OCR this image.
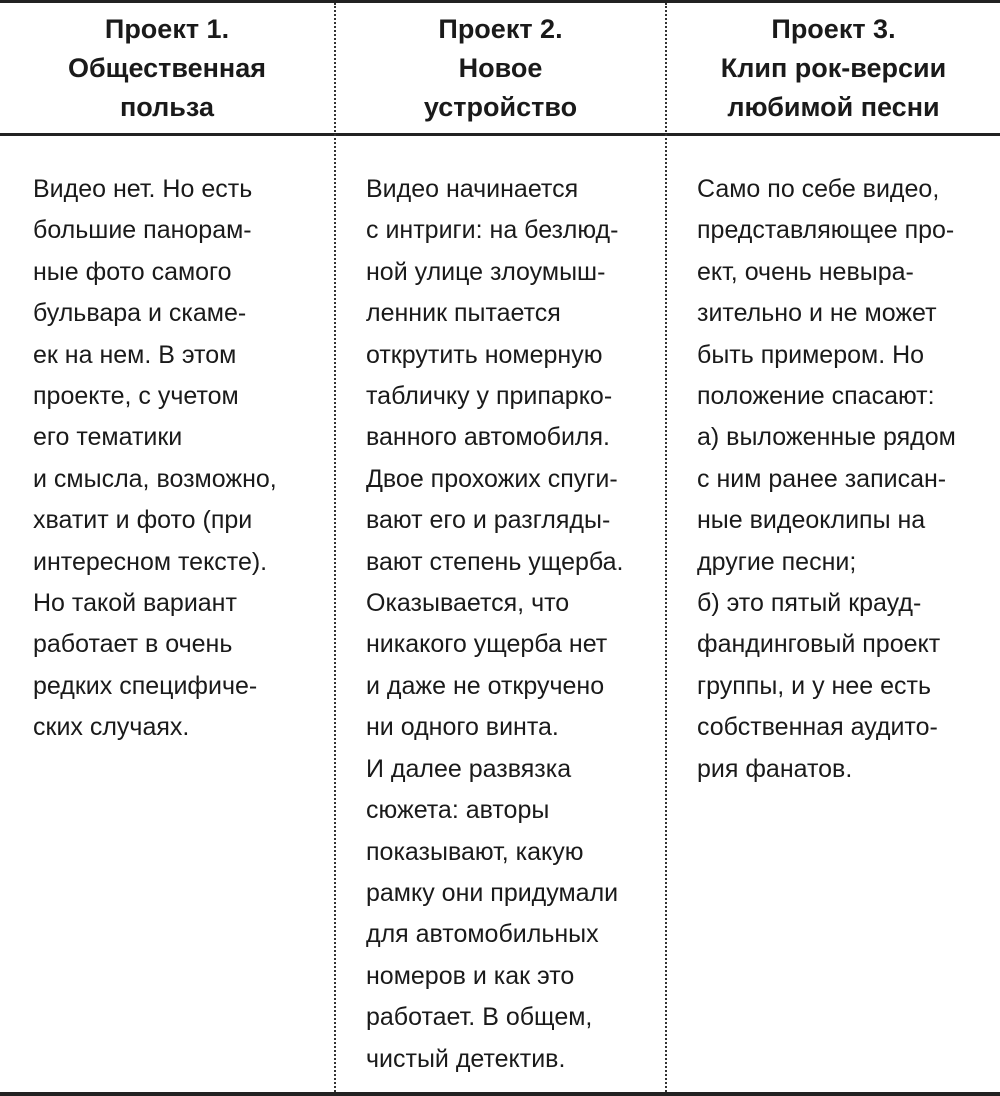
Проект 1.
Общественная
польза
Проект 2.
Новое
устройство
Проект 3.
Клип рок-версии
любимой песни
Видео нет. Но есть
большие панорам-
ные фото самого
бульвара и скаме-
ек на нем. В этом
проекте, с учетом
его тематики
и смысла, возможно,
хватит и фото (при
интересном тексте).
Но такой вариант
работает в очень
редких специфиче-
ских случаях.
Видео начинается
с интриги: на безлюд-
ной улице злоумыш-
ленник пытается
открутить номерную
табличку у припарко-
ванного автомобиля.
Двое прохожих спуги-
вают его и разгляды-
вают степень ущерба.
Оказывается, что
никакого ущерба нет
и даже не откручено
ни одного винта.
И далее развязка
сюжета: авторы
показывают, какую
рамку они придумали
для автомобильных
номеров и как это
работает. В общем,
чистый детектив.
Само по себе видео,
представляющее про-
ект, очень невыра-
зительно и не может
быть примером. Но
положение спасают:
а) выложенные рядом
с ним ранее записан-
ные видеоклипы на
другие песни;
б) это пятый крауд-
фандинговый проект
группы, и у нее есть
собственная аудито-
рия фанатов.
